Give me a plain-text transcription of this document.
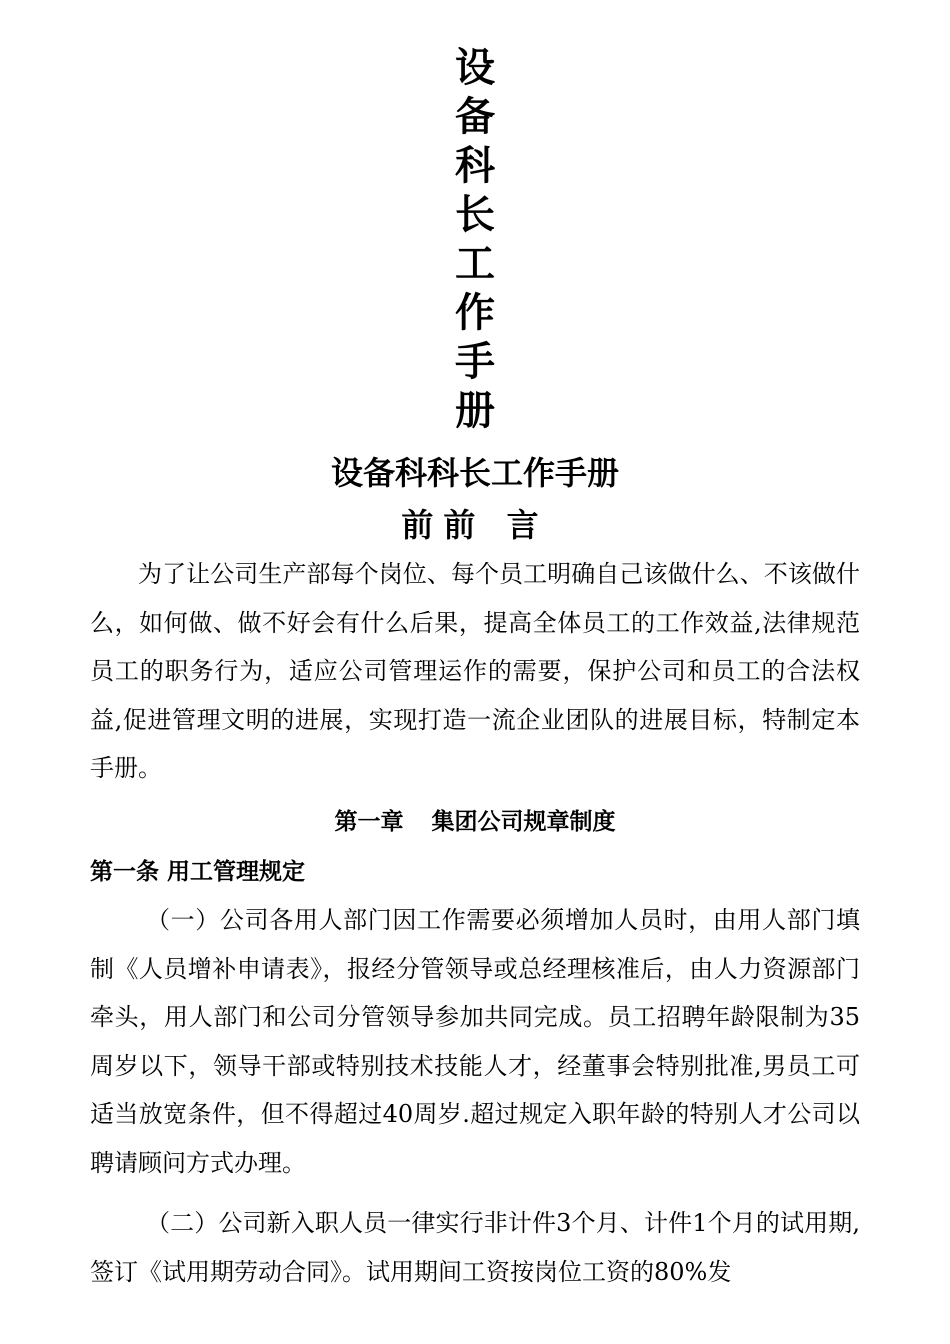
设
备
科
长
工
作
手
册
设备科科长工作手册
前前 言
为了让公司生产部每个岗位、每个员工明确自己该做什么、不该做什么，如何做、做不好会有什么后果，提高全体员工的工作效益,法律规范员工的职务行为，适应公司管理运作的需要，保护公司和员工的合法权益,促进管理文明的进展，实现打造一流企业团队的进展目标，特制定本手册。
第一章 集团公司规章制度
第一条 用工管理规定
（一）公司各用人部门因工作需要必须增加人员时，由用人部门填制《人员增补申请表》，报经分管领导或总经理核准后，由人力资源部门牵头，用人部门和公司分管领导参加共同完成。员工招聘年龄限制为35周岁以下，领导干部或特别技术技能人才，经董事会特别批准,男员工可适当放宽条件，但不得超过40周岁.超过规定入职年龄的特别人才公司以聘请顾问方式办理。
（二）公司新入职人员一律实行非计件3个月、计件1个月的试用期,签订《试用期劳动合同》。试用期间工资按岗位工资的80%发
